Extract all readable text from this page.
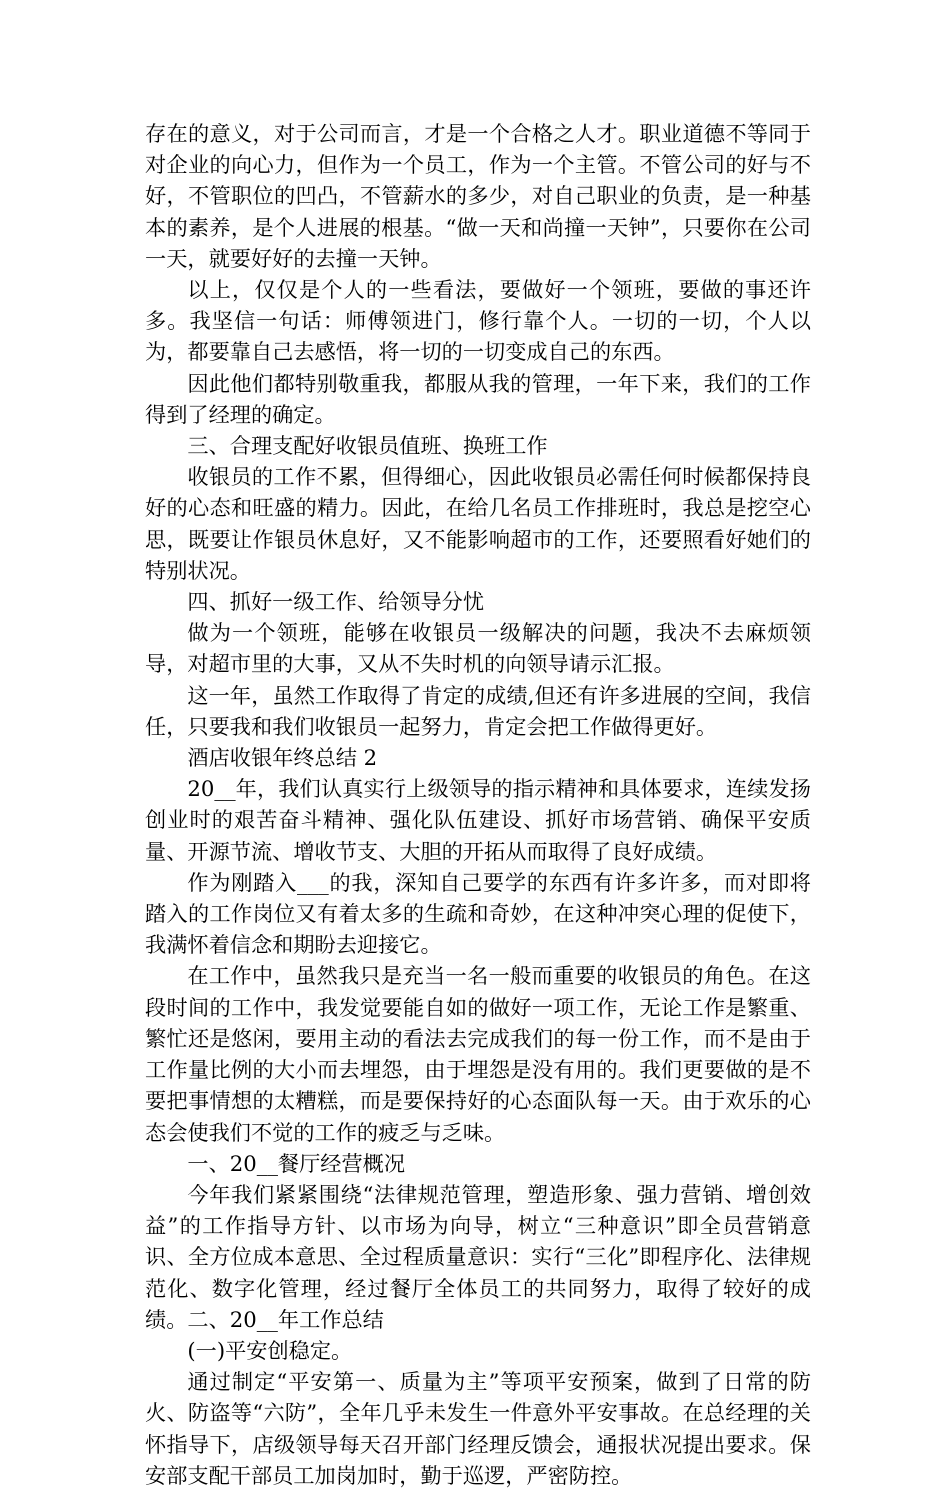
存在的意义，对于公司而言，才是一个合格之人才。职业道德不等同于对企业的向心力，但作为一个员工，作为一个主管。不管公司的好与不好，不管职位的凹凸，不管薪水的多少，对自己职业的负责，是一种基本的素养，是个人进展的根基。“做一天和尚撞一天钟”，只要你在公司一天，就要好好的去撞一天钟。

以上，仅仅是个人的一些看法，要做好一个领班，要做的事还许多。我坚信一句话：师傅领进门，修行靠个人。一切的一切，个人以为，都要靠自己去感悟，将一切的一切变成自己的东西。

因此他们都特别敬重我，都服从我的管理，一年下来，我们的工作得到了经理的确定。

三、合理支配好收银员值班、换班工作

收银员的工作不累，但得细心，因此收银员必需任何时候都保持良好的心态和旺盛的精力。因此，在给几名员工作排班时，我总是挖空心思，既要让作银员休息好，又不能影响超市的工作，还要照看好她们的特别状况。

四、抓好一级工作、给领导分忧

做为一个领班，能够在收银员一级解决的问题，我决不去麻烦领导，对超市里的大事，又从不失时机的向领导请示汇报。

这一年，虽然工作取得了肯定的成绩,但还有许多进展的空间，我信任，只要我和我们收银员一起努力，肯定会把工作做得更好。

酒店收银年终总结 2

20__年，我们认真实行上级领导的指示精神和具体要求，连续发扬创业时的艰苦奋斗精神、强化队伍建设、抓好市场营销、确保平安质量、开源节流、增收节支、大胆的开拓从而取得了良好成绩。

作为刚踏入___的我，深知自己要学的东西有许多许多，而对即将踏入的工作岗位又有着太多的生疏和奇妙，在这种冲突心理的促使下，我满怀着信念和期盼去迎接它。

在工作中，虽然我只是充当一名一般而重要的收银员的角色。在这段时间的工作中，我发觉要能自如的做好一项工作，无论工作是繁重、繁忙还是悠闲，要用主动的看法去完成我们的每一份工作，而不是由于工作量比例的大小而去埋怨，由于埋怨是没有用的。我们更要做的是不要把事情想的太糟糕，而是要保持好的心态面队每一天。由于欢乐的心态会使我们不觉的工作的疲乏与乏味。

一、20__餐厅经营概况

今年我们紧紧围绕“法律规范管理，塑造形象、强力营销、增创效益”的工作指导方针、以市场为向导，树立“三种意识”即全员营销意识、全方位成本意思、全过程质量意识：实行“三化”即程序化、法律规范化、数字化管理，经过餐厅全体员工的共同努力，取得了较好的成绩。二、20__年工作总结

(一)平安创稳定。

通过制定“平安第一、质量为主”等项平安预案，做到了日常的防火、防盗等“六防”，全年几乎未发生一件意外平安事故。在总经理的关怀指导下，店级领导每天召开部门经理反馈会，通报状况提出要求。保安部支配干部员工加岗加时，勤于巡逻，严密防控。
